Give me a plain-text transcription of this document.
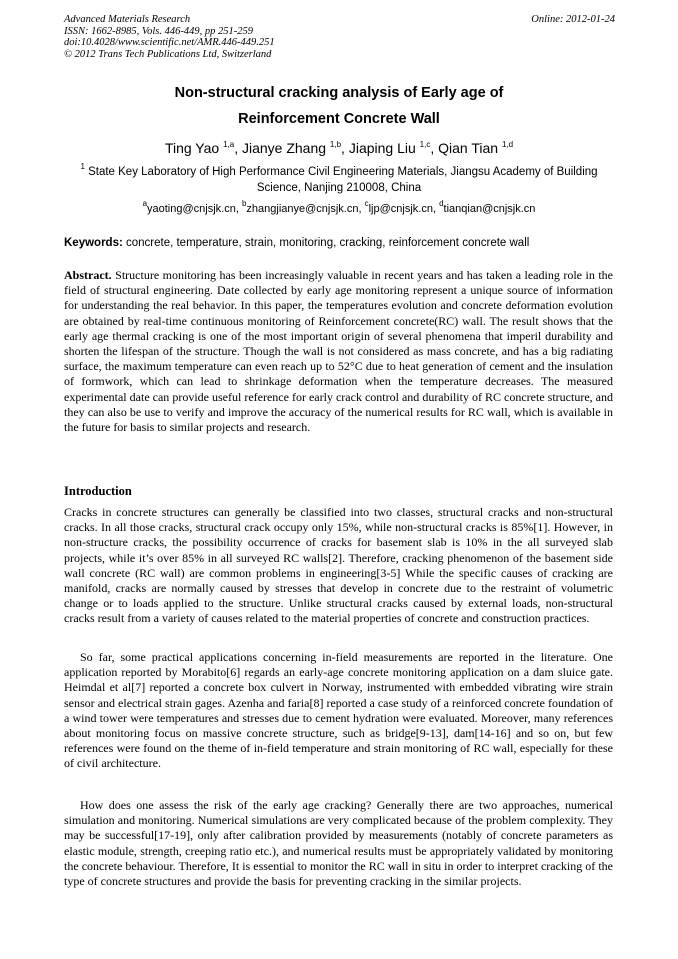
Advanced Materials Research
ISSN: 1662-8985, Vols. 446-449, pp 251-259
doi:10.4028/www.scientific.net/AMR.446-449.251
© 2012 Trans Tech Publications Ltd, Switzerland
Online: 2012-01-24
Non-structural cracking analysis of Early age of
Reinforcement Concrete Wall
Ting Yao $^{1,a}$, Jianye Zhang $^{1,b}$, Jiaping Liu $^{1,c}$, Qian Tian $^{1,d}$
$^1$ State Key Laboratory of High Performance Civil Engineering Materials, Jiangsu Academy of Building Science, Nanjing 210008, China
$^a$yaoting@cnjsjk.cn, $^b$zhangjianye@cnjsjk.cn, $^c$ljp@cnjsjk.cn, $^d$tianqian@cnjsjk.cn
Keywords: concrete, temperature, strain, monitoring, cracking, reinforcement concrete wall
Abstract. Structure monitoring has been increasingly valuable in recent years and has taken a leading role in the field of structural engineering. Date collected by early age monitoring represent a unique source of information for understanding the real behavior. In this paper, the temperatures evolution and concrete deformation evolution are obtained by real-time continuous monitoring of Reinforcement concrete(RC) wall. The result shows that the early age thermal cracking is one of the most important origin of several phenomena that imperil durability and shorten the lifespan of the structure. Though the wall is not considered as mass concrete, and has a big radiating surface, the maximum temperature can even reach up to 52°C due to heat generation of cement and the insulation of formwork, which can lead to shrinkage deformation when the temperature decreases. The measured experimental date can provide useful reference for early crack control and durability of RC concrete structure, and they can also be use to verify and improve the accuracy of the numerical results for RC wall, which is available in the future for basis to similar projects and research.
Introduction
Cracks in concrete structures can generally be classified into two classes, structural cracks and non-structural cracks. In all those cracks, structural crack occupy only 15%, while non-structural cracks is 85%[1]. However, in non-structure cracks, the possibility occurrence of cracks for basement slab is 10% in the all surveyed slab projects, while it’s over 85% in all surveyed RC walls[2]. Therefore, cracking phenomenon of the basement side wall concrete (RC wall) are common problems in engineering[3-5] While the specific causes of cracking are manifold, cracks are normally caused by stresses that develop in concrete due to the restraint of volumetric change or to loads applied to the structure. Unlike structural cracks caused by external loads, non-structural cracks result from a variety of causes related to the material properties of concrete and construction practices.
So far, some practical applications concerning in-field measurements are reported in the literature. One application reported by Morabito[6] regards an early-age concrete monitoring application on a dam sluice gate. Heimdal et al[7] reported a concrete box culvert in Norway, instrumented with embedded vibrating wire strain sensor and electrical strain gages. Azenha and faria[8] reported a case study of a reinforced concrete foundation of a wind tower were temperatures and stresses due to cement hydration were evaluated. Moreover, many references about monitoring focus on massive concrete structure, such as bridge[9-13], dam[14-16] and so on, but few references were found on the theme of in-field temperature and strain monitoring of RC wall, especially for these of civil architecture.
How does one assess the risk of the early age cracking? Generally there are two approaches, numerical simulation and monitoring. Numerical simulations are very complicated because of the problem complexity. They may be successful[17-19], only after calibration provided by measurements (notably of concrete parameters as elastic module, strength, creeping ratio etc.), and numerical results must be appropriately validated by monitoring the concrete behaviour. Therefore, It is essential to monitor the RC wall in situ in order to interpret cracking of the type of concrete structures and provide the basis for preventing cracking in the similar projects.
